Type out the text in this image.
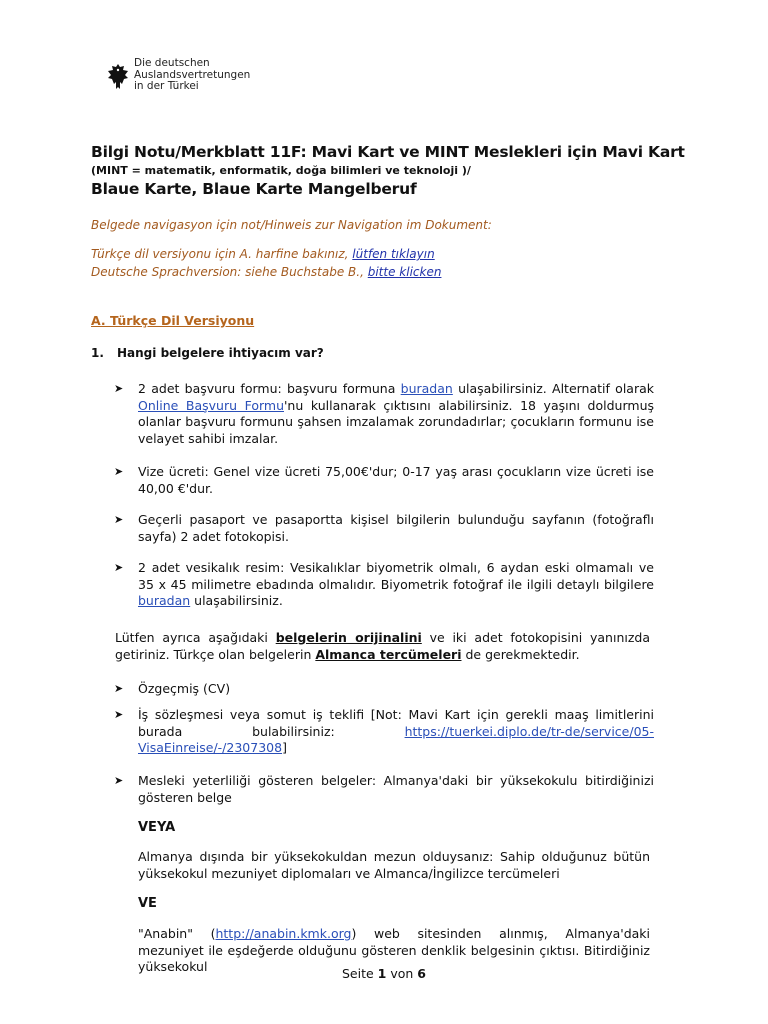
Die deutschen
Auslandsvertretungen
in der Türkei
Bilgi Notu/Merkblatt 11F: Mavi Kart ve MINT Meslekleri için Mavi Kart
(MINT = matematik, enformatik, doğa bilimleri ve teknoloji )/
Blaue Karte, Blaue Karte Mangelberuf
Belgede navigasyon için not/Hinweis zur Navigation im Dokument:
Türkçe dil versiyonu için A. harfine bakınız, lütfen tıklayın
Deutsche Sprachversion: siehe Buchstabe B., bitte klicken
A. Türkçe Dil Versiyonu
1. Hangi belgelere ihtiyacım var?
➤ 2 adet başvuru formu: başvuru formuna buradan ulaşabilirsiniz. Alternatif olarak Online Başvuru Formu'nu kullanarak çıktısını alabilirsiniz. 18 yaşını doldurmuş olanlar başvuru formunu şahsen imzalamak zorundadırlar; çocukların formunu ise velayet sahibi imzalar.
➤ Vize ücreti: Genel vize ücreti 75,00€'dur; 0-17 yaş arası çocukların vize ücreti ise 40,00 €'dur.
➤ Geçerli pasaport ve pasaportta kişisel bilgilerin bulunduğu sayfanın (fotoğraflı sayfa) 2 adet fotokopisi.
➤ 2 adet vesikalık resim: Vesikalıklar biyometrik olmalı, 6 aydan eski olmamalı ve 35 x 45 milimetre ebadında olmalıdır. Biyometrik fotoğraf ile ilgili detaylı bilgilere buradan ulaşabilirsiniz.
Lütfen ayrıca aşağıdaki belgelerin orijinalini ve iki adet fotokopisini yanınızda getiriniz. Türkçe olan belgelerin Almanca tercümeleri de gerekmektedir.
➤ Özgeçmiş (CV)
➤ İş sözleşmesi veya somut iş teklifi [Not: Mavi Kart için gerekli maaş limitlerini burada bulabilirsiniz: https://tuerkei.diplo.de/tr-de/service/05-VisaEinreise/-/2307308]
➤ Mesleki yeterliliği gösteren belgeler: Almanya'daki bir yüksekokulu bitirdiğinizi gösteren belge
VEYA
Almanya dışında bir yüksekokuldan mezun olduysanız: Sahip olduğunuz bütün yüksekokul mezuniyet diplomaları ve Almanca/İngilizce tercümeleri
VE
"Anabin" (http://anabin.kmk.org) web sitesinden alınmış, Almanya'daki mezuniyet ile eşdeğerde olduğunu gösteren denklik belgesinin çıktısı. Bitirdiğiniz yüksekokul	Seite 1 von 6
